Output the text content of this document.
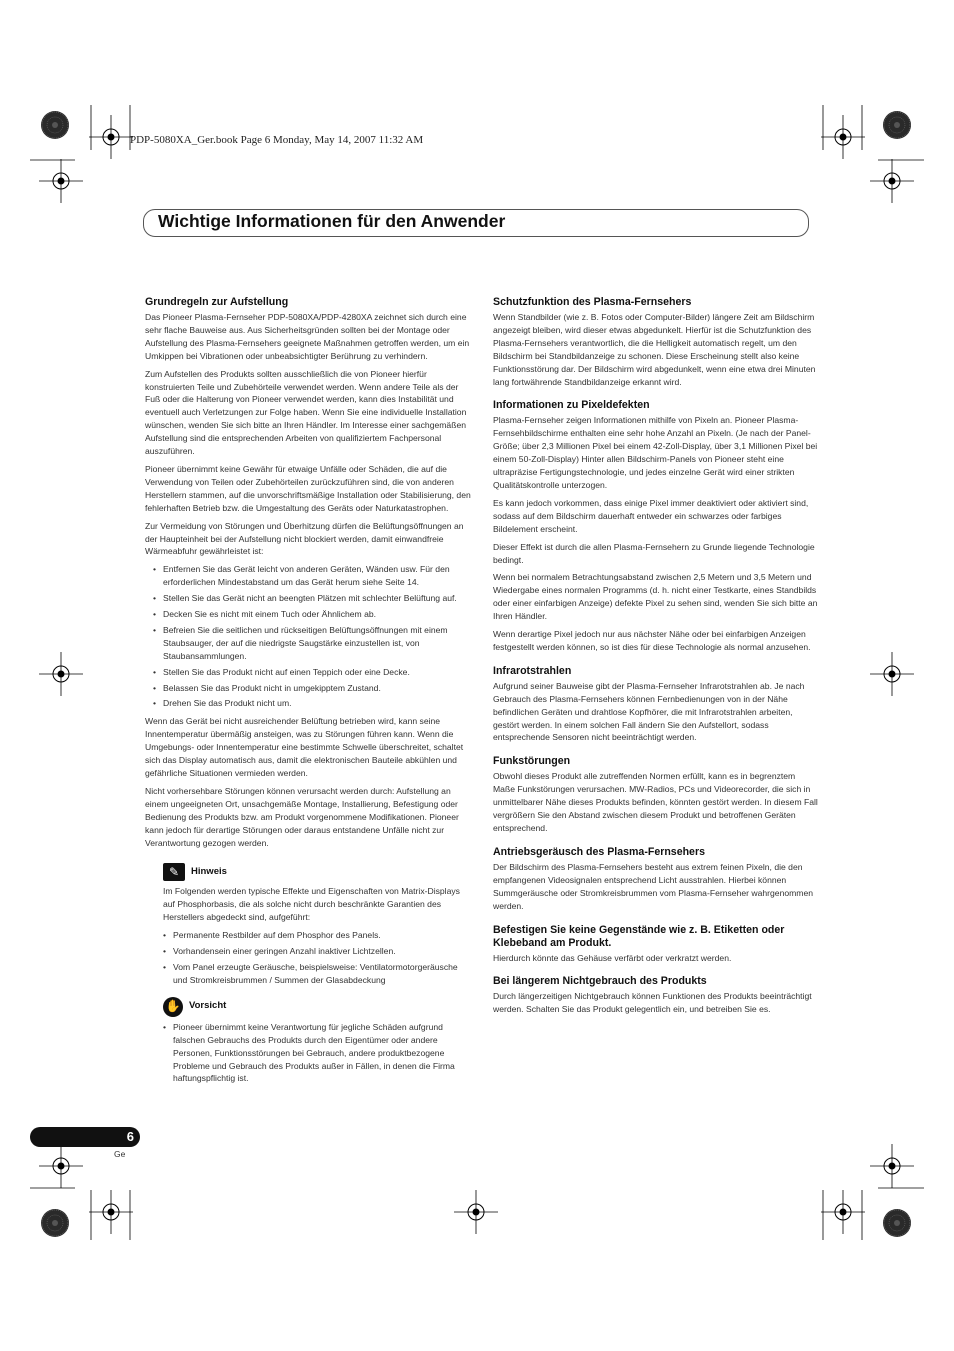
PDP-5080XA_Ger.book Page 6 Monday, May 14, 2007 11:32 AM
Wichtige Informationen für den Anwender
Grundregeln zur Aufstellung

Das Pioneer Plasma-Fernseher PDP-5080XA/PDP-4280XA zeichnet sich durch eine sehr flache Bauweise aus. Aus Sicherheitsgründen sollten bei der Montage oder Aufstellung des Plasma-Fernsehers geeignete Maßnahmen getroffen werden, um ein Umkippen bei Vibrationen oder unbeabsichtigter Berührung zu verhindern.

Zum Aufstellen des Produkts sollten ausschließlich die von Pioneer hierfür konstruierten Teile und Zubehörteile verwendet werden. Wenn andere Teile als der Fuß oder die Halterung von Pioneer verwendet werden, kann dies Instabilität und eventuell auch Verletzungen zur Folge haben. Wenn Sie eine individuelle Installation wünschen, wenden Sie sich bitte an Ihren Händler. Im Interesse einer sachgemäßen Aufstellung sind die entsprechenden Arbeiten von qualifiziertem Fachpersonal auszuführen.

Pioneer übernimmt keine Gewähr für etwaige Unfälle oder Schäden, die auf die Verwendung von Teilen oder Zubehörteilen zurückzuführen sind, die von anderen Herstellern stammen, auf die unvorschriftsmäßige Installation oder Stabilisierung, den fehlerhaften Betrieb bzw. die Umgestaltung des Geräts oder Naturkatastrophen.

Zur Vermeidung von Störungen und Überhitzung dürfen die Belüftungsöffnungen an der Haupteinheit bei der Aufstellung nicht blockiert werden, damit einwandfreie Wärmeabfuhr gewährleistet ist:

• Entfernen Sie das Gerät leicht von anderen Geräten, Wänden usw. Für den erforderlichen Mindestabstand um das Gerät herum siehe Seite 14.
• Stellen Sie das Gerät nicht an beengten Plätzen mit schlechter Belüftung auf.
• Decken Sie es nicht mit einem Tuch oder Ähnlichem ab.
• Befreien Sie die seitlichen und rückseitigen Belüftungsöffnungen mit einem Staubsauger, der auf die niedrigste Saugstärke einzustellen ist, von Staubansammlungen.
• Stellen Sie das Produkt nicht auf einen Teppich oder eine Decke.
• Belassen Sie das Produkt nicht in umgekipptem Zustand.
• Drehen Sie das Produkt nicht um.

Wenn das Gerät bei nicht ausreichender Belüftung betrieben wird, kann seine Innentemperatur übermäßig ansteigen, was zu Störungen führen kann. Wenn die Umgebungs- oder Innentemperatur eine bestimmte Schwelle überschreitet, schaltet sich das Display automatisch aus, damit die elektronischen Bauteile abkühlen und gefährliche Situationen vermieden werden.

Nicht vorhersehbare Störungen können verursacht werden durch: Aufstellung an einem ungeeigneten Ort, unsachgemäße Montage, Installierung, Befestigung oder Bedienung des Produkts bzw. am Produkt vorgenommene Modifikationen. Pioneer kann jedoch für derartige Störungen oder daraus entstandene Unfälle nicht zur Verantwortung gezogen werden.

✎	Hinweis

Im Folgenden werden typische Effekte und Eigenschaften von Matrix-Displays auf Phosphorbasis, die als solche nicht durch beschränkte Garantien des Herstellers abgedeckt sind, aufgeführt:

• Permanente Restbilder auf dem Phosphor des Panels.
• Vorhandensein einer geringen Anzahl inaktiver Lichtzellen.
• Vom Panel erzeugte Geräusche, beispielsweise: Ventilatormotorgeräusche und Stromkreisbrummen / Summen der Glasabdeckung
✋ Vorsicht
• Pioneer übernimmt keine Verantwortung für jegliche Schäden aufgrund falschen Gebrauchs des Produkts durch den Eigentümer oder andere Personen, Funktionsstörungen bei Gebrauch, andere produktbezogene Probleme und Gebrauch des Produkts außer in Fällen, in denen die Firma haftungspflichtig ist.
Schutzfunktion des Plasma-Fernsehers

Wenn Standbilder (wie z. B. Fotos oder Computer-Bilder) längere Zeit am Bildschirm angezeigt bleiben, wird dieser etwas abgedunkelt. Hierfür ist die Schutzfunktion des Plasma-Fernsehers verantwortlich, die die Helligkeit automatisch regelt, um den Bildschirm bei Standbildanzeige zu schonen. Diese Erscheinung stellt also keine Funktionsstörung dar. Der Bildschirm wird abgedunkelt, wenn eine etwa drei Minuten lang fortwährende Standbildanzeige erkannt wird.

Informationen zu Pixeldefekten

Plasma-Fernseher zeigen Informationen mithilfe von Pixeln an. Pioneer Plasma-Fernsehbildschirme enthalten eine sehr hohe Anzahl an Pixeln. (Je nach der Panel-Größe; über 2,3 Millionen Pixel bei einem 42-Zoll-Display, über 3,1 Millionen Pixel bei einem 50-Zoll-Display) Hinter allen Bildschirm-Panels von Pioneer steht eine ultrapräzise Fertigungstechnologie, und jedes einzelne Gerät wird einer strikten Qualitätskontrolle unterzogen.

Es kann jedoch vorkommen, dass einige Pixel immer deaktiviert oder aktiviert sind, sodass auf dem Bildschirm dauerhaft entweder ein schwarzes oder farbiges Bildelement erscheint.

Dieser Effekt ist durch die allen Plasma-Fernsehern zu Grunde liegende Technologie bedingt.

Wenn bei normalem Betrachtungsabstand zwischen 2,5 Metern und 3,5 Metern und Wiedergabe eines normalen Programms (d. h. nicht einer Testkarte, eines Standbilds oder einer einfarbigen Anzeige) defekte Pixel zu sehen sind, wenden Sie sich bitte an Ihren Händler.

Wenn derartige Pixel jedoch nur aus nächster Nähe oder bei einfarbigen Anzeigen festgestellt werden können, so ist dies für diese Technologie als normal anzusehen.

Infrarotstrahlen

Aufgrund seiner Bauweise gibt der Plasma-Fernseher Infrarotstrahlen ab. Je nach Gebrauch des Plasma-Fernsehers können Fernbedienungen von in der Nähe befindlichen Geräten und drahtlose Kopfhörer, die mit Infrarotstrahlen arbeiten, gestört werden. In einem solchen Fall ändern Sie den Aufstellort, sodass entsprechende Sensoren nicht beeinträchtigt werden.

Funkstörungen

Obwohl dieses Produkt alle zutreffenden Normen erfüllt, kann es in begrenztem Maße Funkstörungen verursachen. MW-Radios, PCs und Videorecorder, die sich in unmittelbarer Nähe dieses Produkts befinden, könnten gestört werden. In diesem Fall vergrößern Sie den Abstand zwischen diesem Produkt und betroffenen Geräten entsprechend.

Antriebsgeräusch des Plasma-Fernsehers

Der Bildschirm des Plasma-Fernsehers besteht aus extrem feinen Pixeln, die den empfangenen Videosignalen entsprechend Licht ausstrahlen. Hierbei können Summgeräusche oder Stromkreisbrummen vom Plasma-Fernseher wahrgenommen werden.

Befestigen Sie keine Gegenstände wie z. B. Etiketten oder Klebeband am Produkt.

Hierdurch könnte das Gehäuse verfärbt oder verkratzt werden.

Bei längerem Nichtgebrauch des Produkts

Durch längerzeitigen Nichtgebrauch können Funktionen des Produkts beeinträchtigt werden. Schalten Sie das Produkt gelegentlich ein, und betreiben Sie es.

6
Ge
